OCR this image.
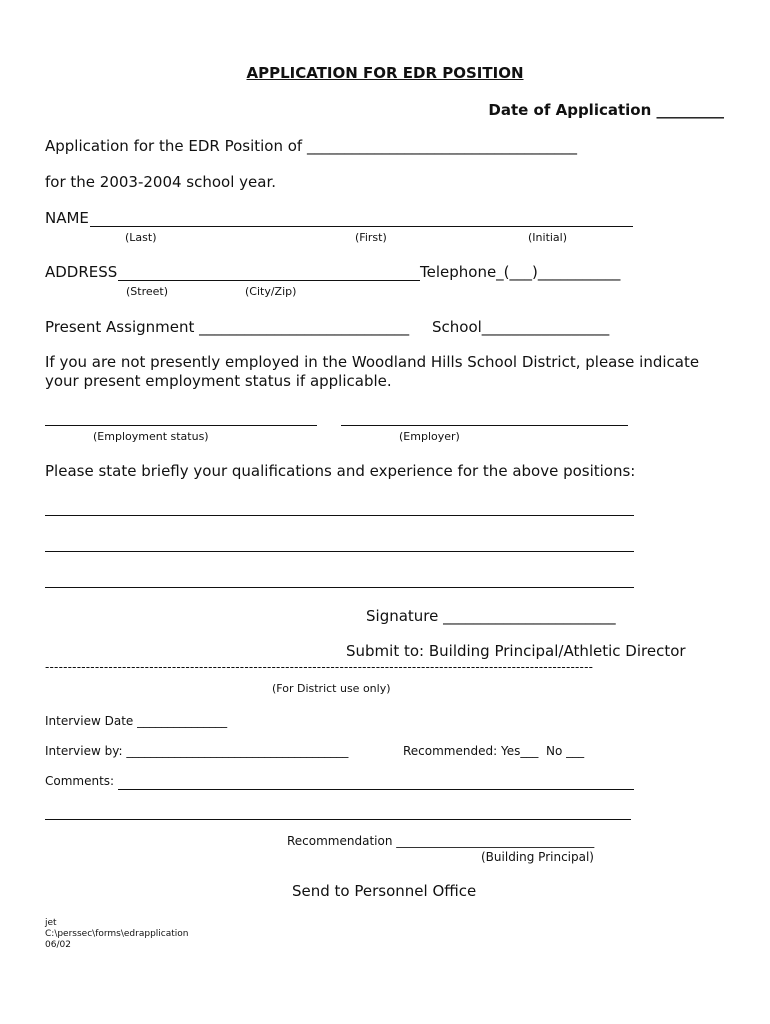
APPLICATION FOR EDR POSITION
Date of Application _________
Application for the EDR Position of ____________________________________
for the 2003-2004 school year.
NAME
(Last)	(First)	(Initial)
ADDRESS	Telephone_(___)___________
(Street)	(City/Zip)
Present Assignment ____________________________ School_________________
If you are not presently employed in the Woodland Hills School District, please indicate
your present employment status if applicable.
(Employment status)	(Employer)
Please state briefly your qualifications and experience for the above positions:
Signature _______________________
Submit to: Building Principal/Athletic Director
-------------------------------------------------------------------------------------------------------------------------
(For District use only)
Interview Date _______________
Interview by: _____________________________________	Recommended: Yes___  No ___
Comments:
Recommendation _________________________________
(Building Principal)
Send to Personnel Office
jet
C:\perssec\forms\edrapplication
06/02
